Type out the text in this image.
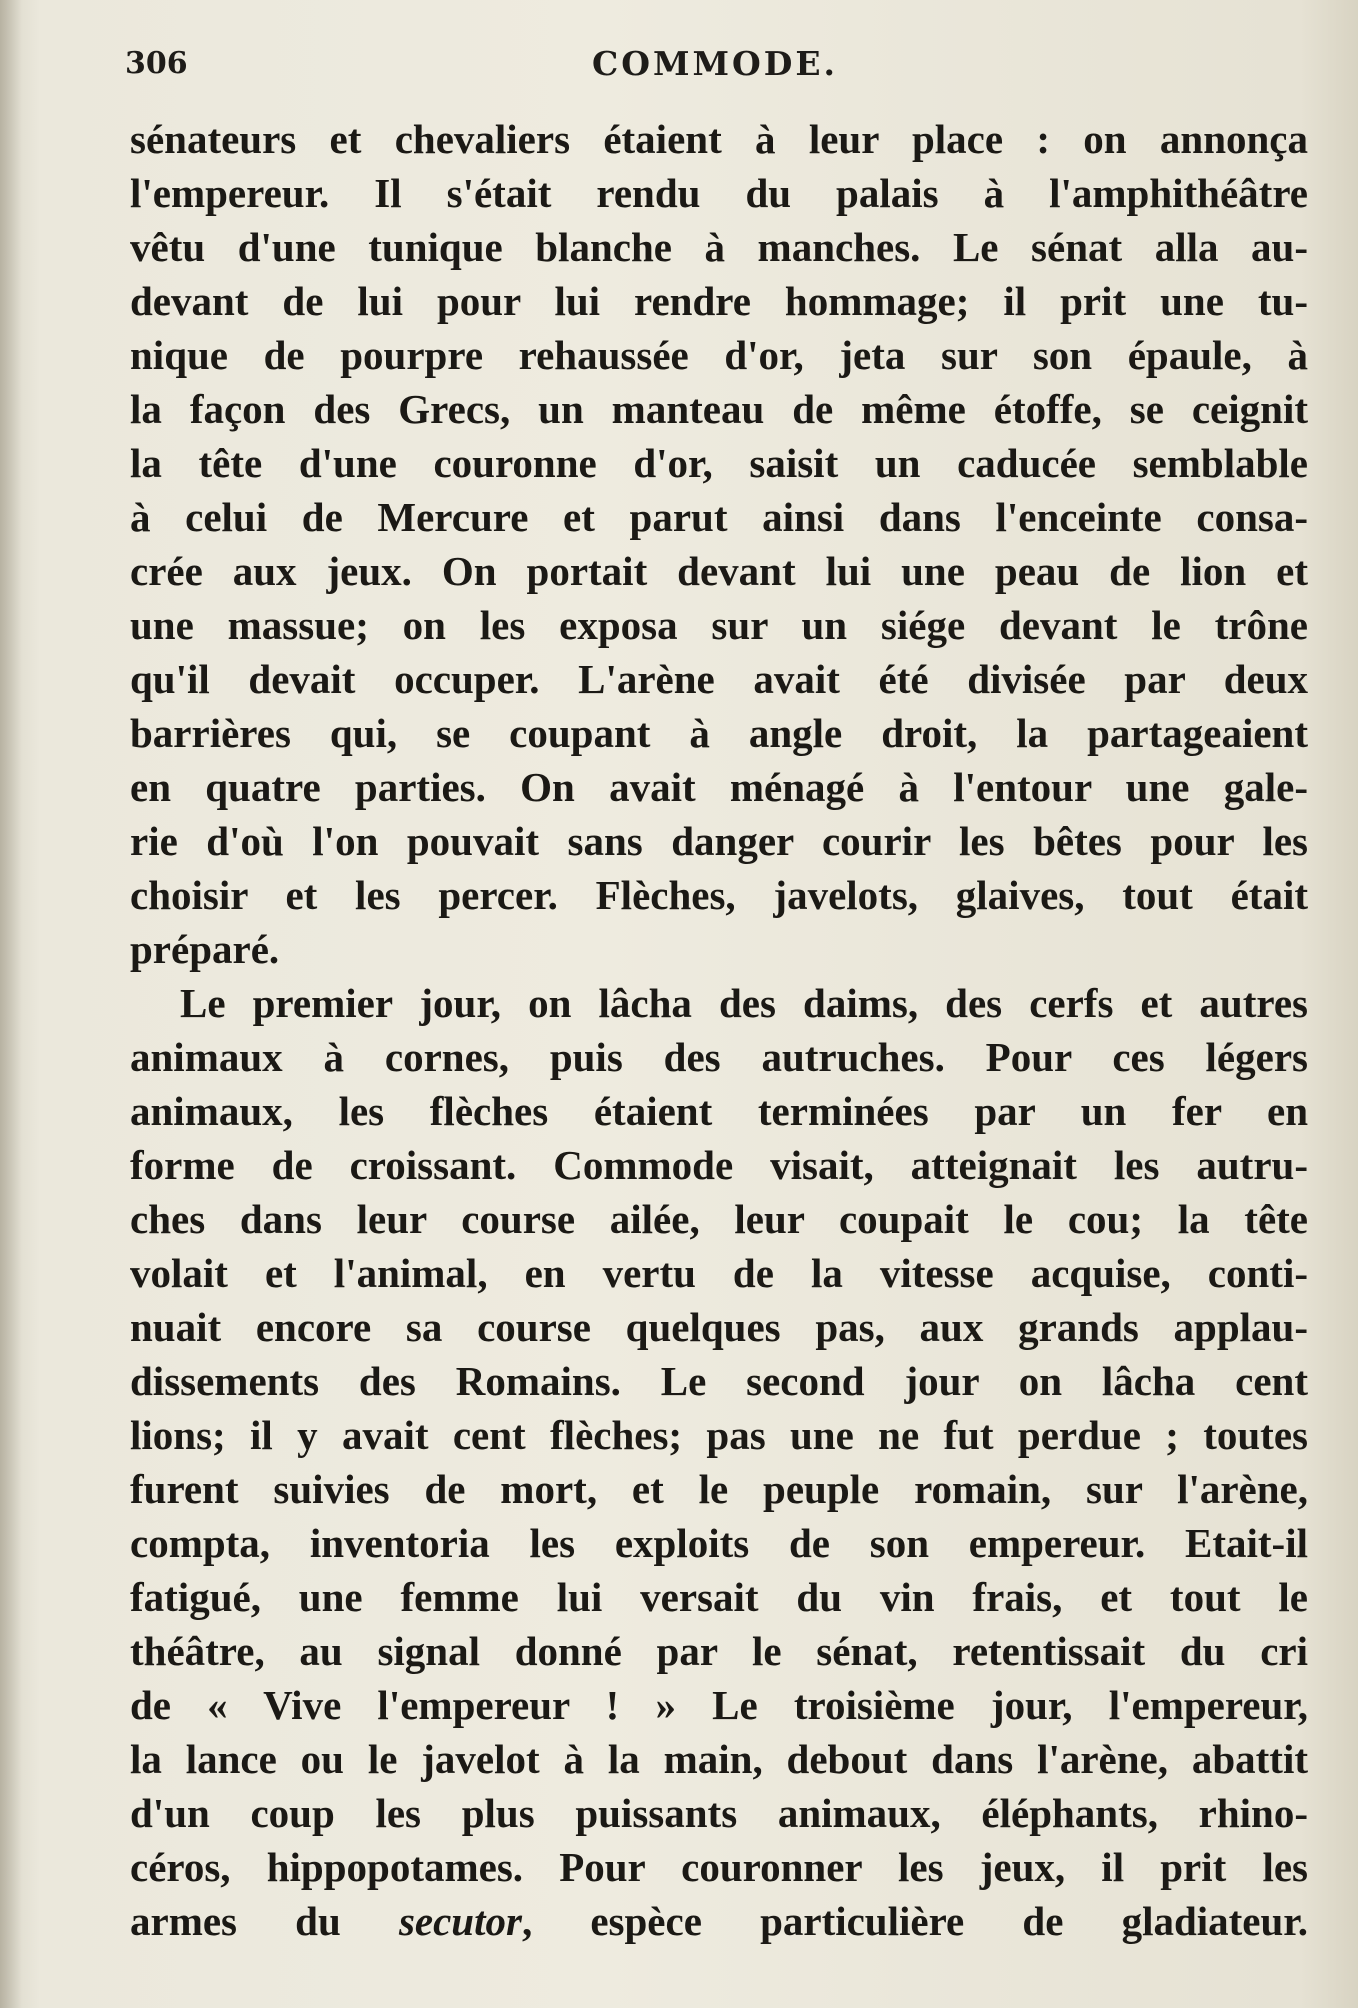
306	COMMODE.
sénateurs et chevaliers étaient à leur place : on annonça
l'empereur. Il s'était rendu du palais à l'amphithéâtre
vêtu d'une tunique blanche à manches. Le sénat alla au-
devant de lui pour lui rendre hommage; il prit une tu-
nique de pourpre rehaussée d'or, jeta sur son épaule, à
la façon des Grecs, un manteau de même étoffe, se ceignit
la tête d'une couronne d'or, saisit un caducée semblable
à celui de Mercure et parut ainsi dans l'enceinte consa-
crée aux jeux. On portait devant lui une peau de lion et
une massue; on les exposa sur un siége devant le trône
qu'il devait occuper. L'arène avait été divisée par deux
barrières qui, se coupant à angle droit, la partageaient
en quatre parties. On avait ménagé à l'entour une gale-
rie d'où l'on pouvait sans danger courir les bêtes pour les
choisir et les percer. Flèches, javelots, glaives, tout était
préparé.
Le premier jour, on lâcha des daims, des cerfs et autres
animaux à cornes, puis des autruches. Pour ces légers
animaux, les flèches étaient terminées par un fer en
forme de croissant. Commode visait, atteignait les autru-
ches dans leur course ailée, leur coupait le cou; la tête
volait et l'animal, en vertu de la vitesse acquise, conti-
nuait encore sa course quelques pas, aux grands applau-
dissements des Romains. Le second jour on lâcha cent
lions; il y avait cent flèches; pas une ne fut perdue ; toutes
furent suivies de mort, et le peuple romain, sur l'arène,
compta, inventoria les exploits de son empereur. Etait-il
fatigué, une femme lui versait du vin frais, et tout le
théâtre, au signal donné par le sénat, retentissait du cri
de « Vive l'empereur ! » Le troisième jour, l'empereur,
la lance ou le javelot à la main, debout dans l'arène, abattit
d'un coup les plus puissants animaux, éléphants, rhino-
céros, hippopotames. Pour couronner les jeux, il prit les
armes du secutor, espèce particulière de gladiateur.
